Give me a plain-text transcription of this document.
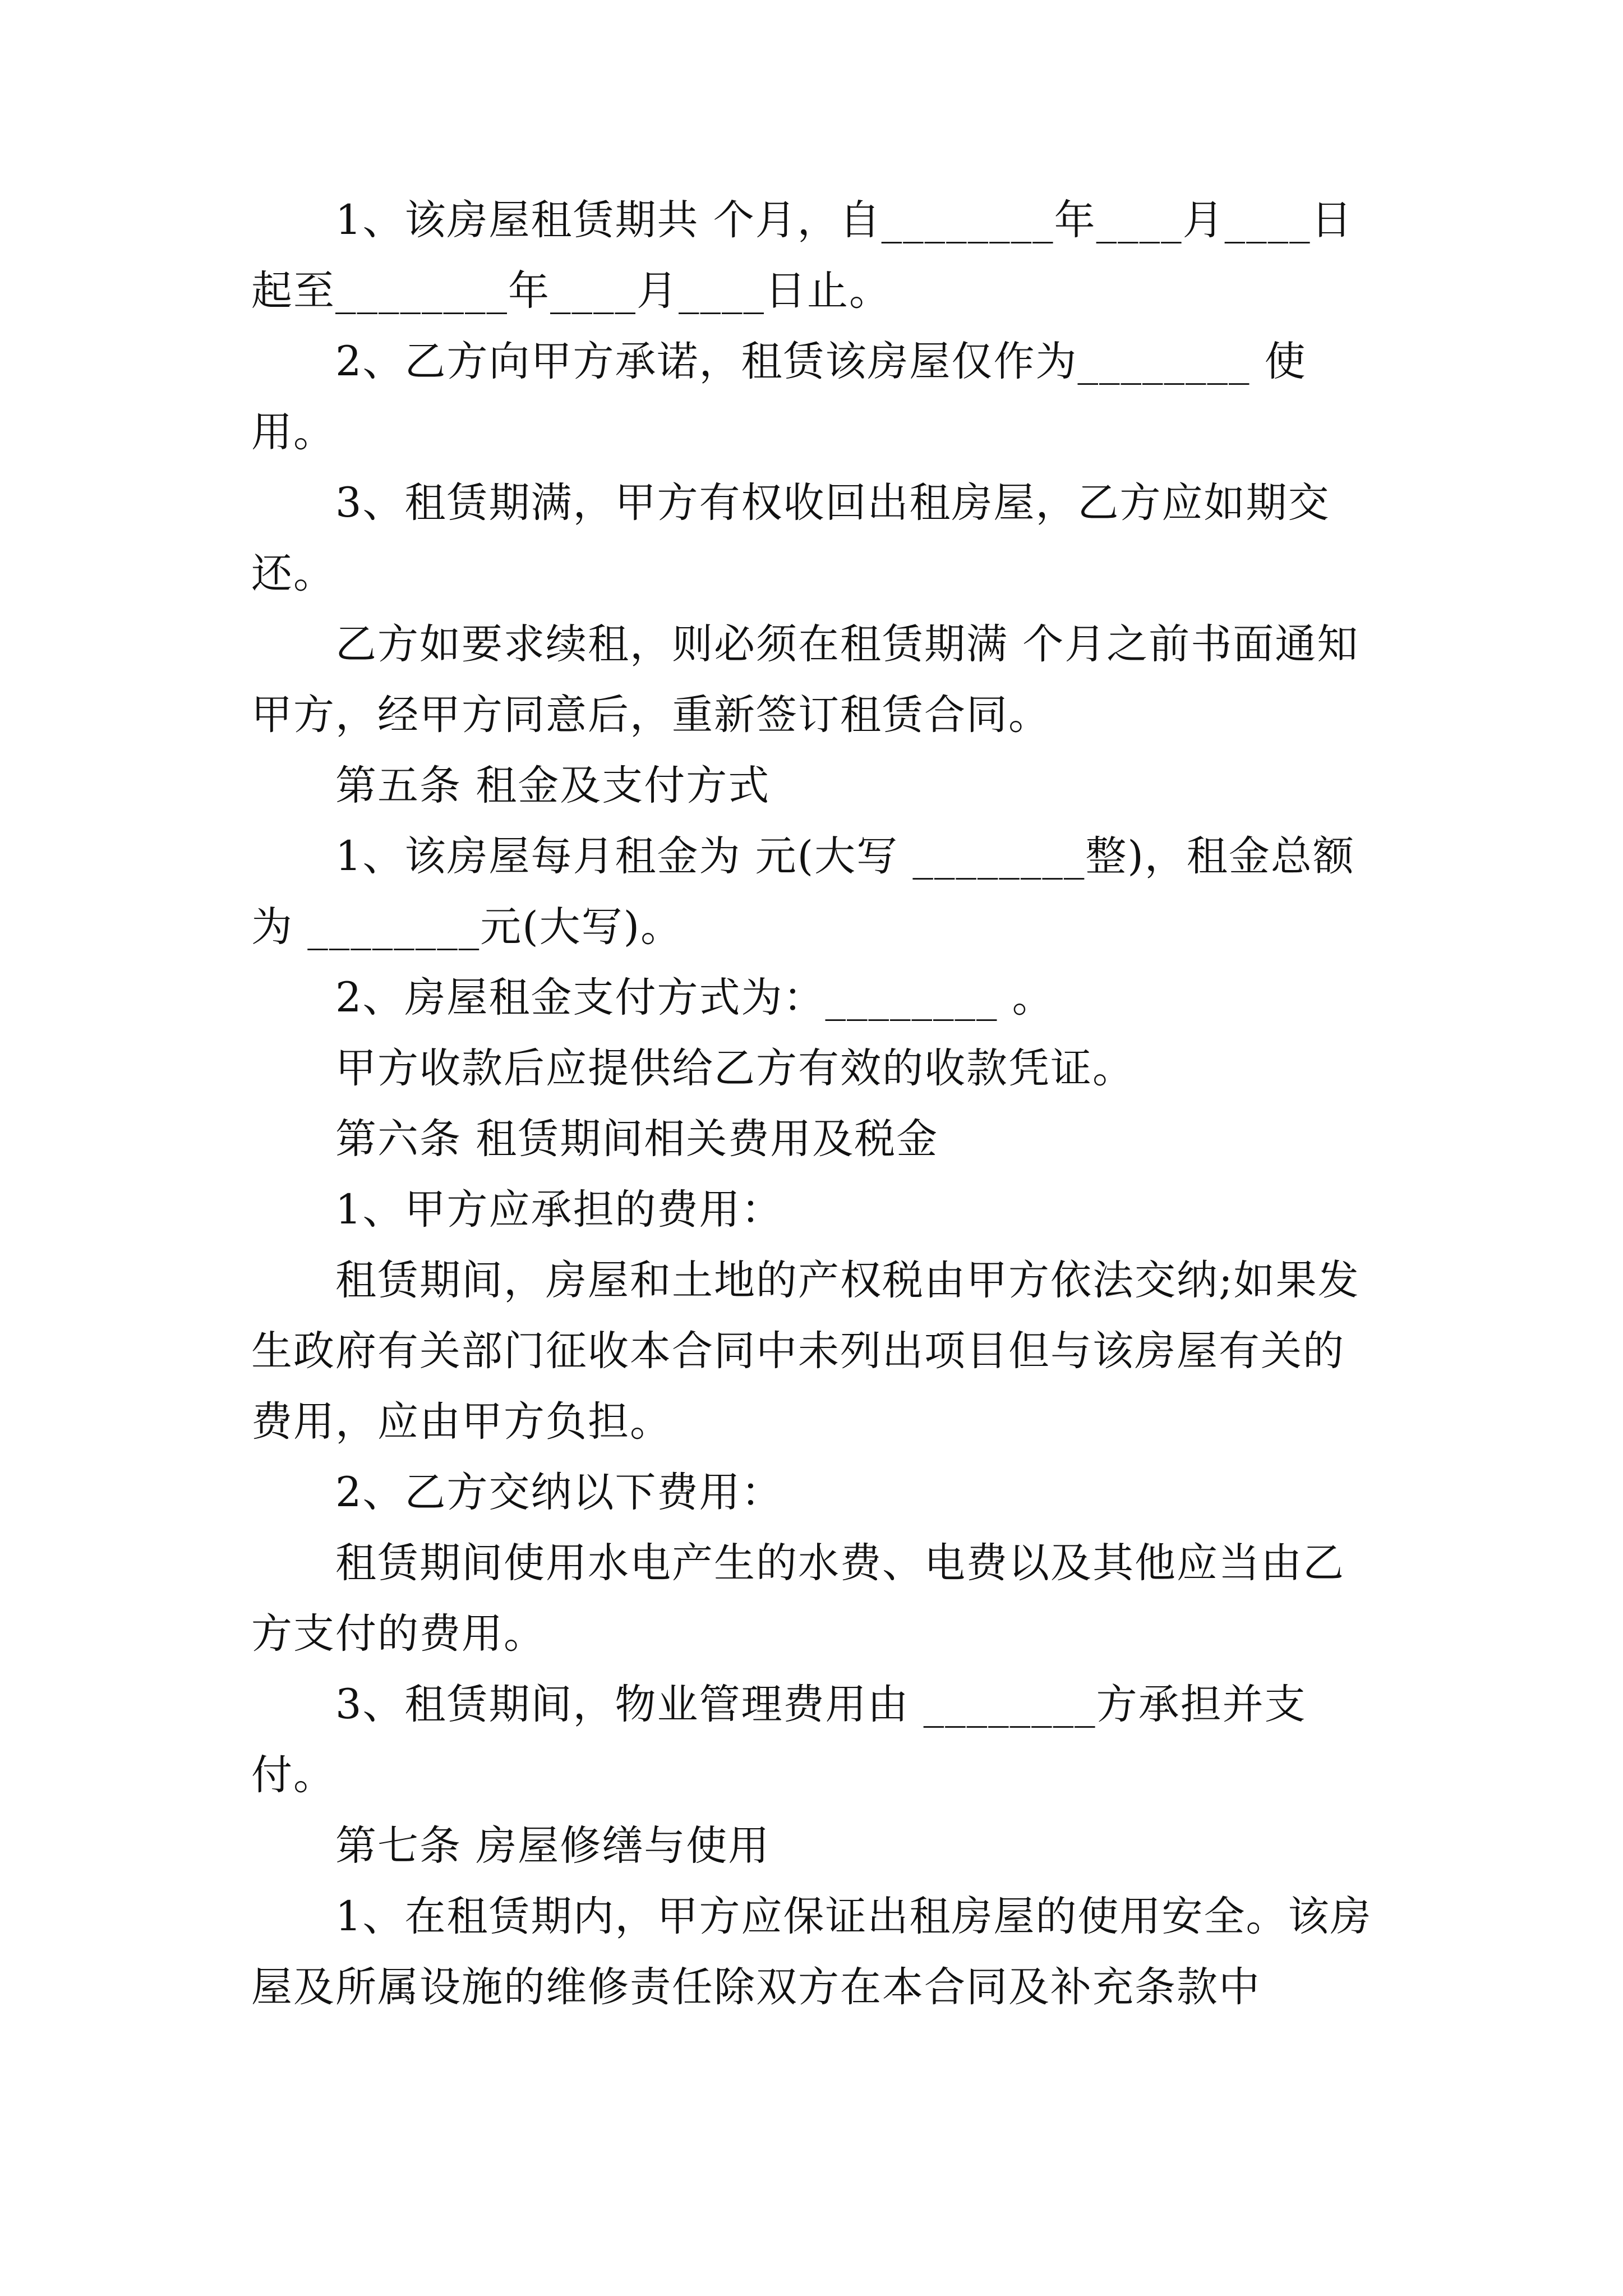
1、该房屋租赁期共 个月，自________年____月____日起至________年____月____日止。

2、乙方向甲方承诺，租赁该房屋仅作为________ 使用。

3、租赁期满，甲方有权收回出租房屋，乙方应如期交还。

乙方如要求续租，则必须在租赁期满 个月之前书面通知甲方，经甲方同意后，重新签订租赁合同。

第五条 租金及支付方式

1、该房屋每月租金为 元(大写 ________整)，租金总额为 ________元(大写)。

2、房屋租金支付方式为：________ 。

甲方收款后应提供给乙方有效的收款凭证。

第六条 租赁期间相关费用及税金

1、甲方应承担的费用：

租赁期间，房屋和土地的产权税由甲方依法交纳;如果发生政府有关部门征收本合同中未列出项目但与该房屋有关的费用，应由甲方负担。

2、乙方交纳以下费用：

租赁期间使用水电产生的水费、电费以及其他应当由乙方支付的费用。

3、租赁期间，物业管理费用由 ________方承担并支付。

第七条 房屋修缮与使用

1、在租赁期内，甲方应保证出租房屋的使用安全。该房屋及所属设施的维修责任除双方在本合同及补充条款中
